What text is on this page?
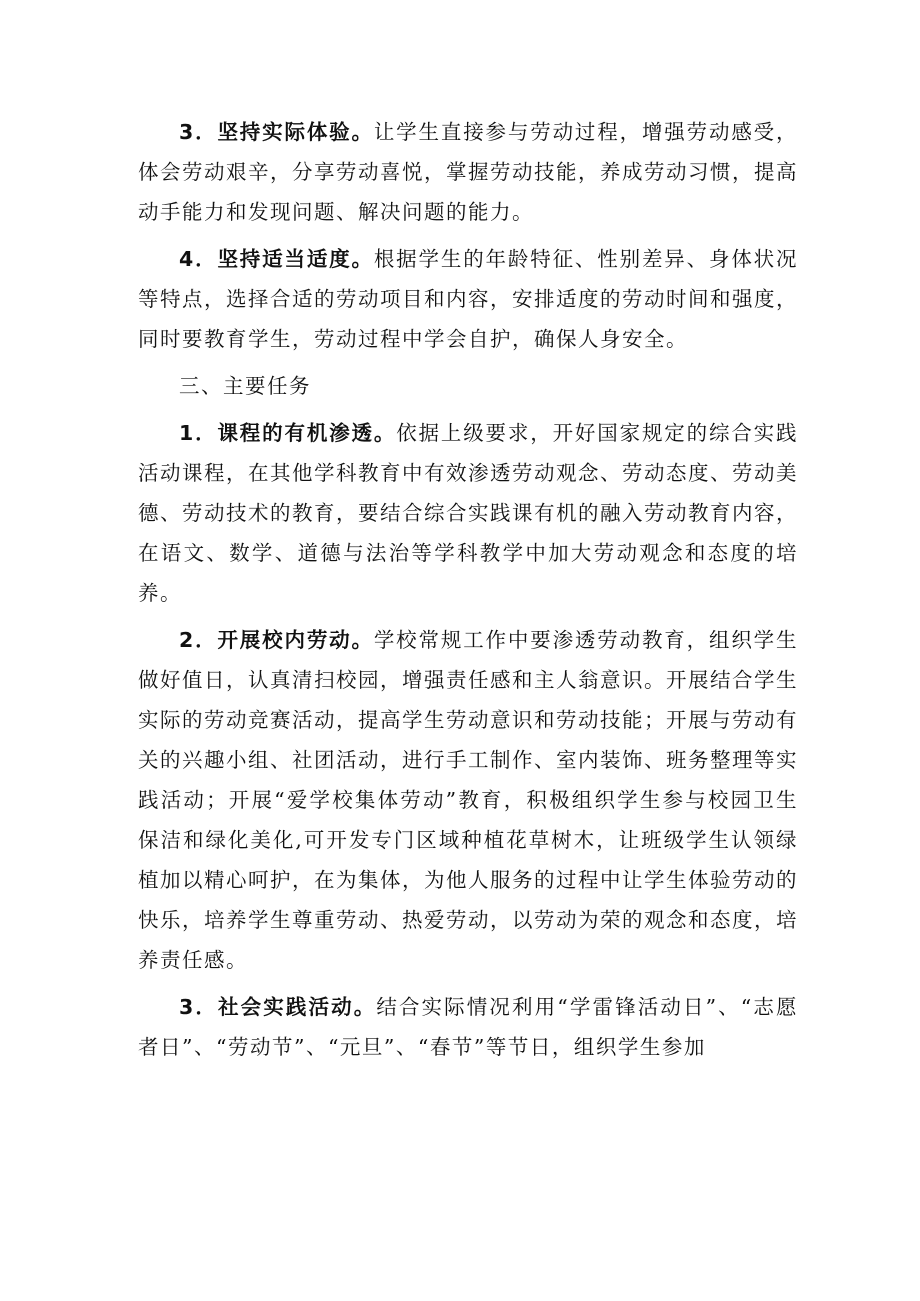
3．坚持实际体验。让学生直接参与劳动过程，增强劳动感受，体会劳动艰辛，分享劳动喜悦，掌握劳动技能，养成劳动习惯，提高动手能力和发现问题、解决问题的能力。

4．坚持适当适度。根据学生的年龄特征、性别差异、身体状况等特点，选择合适的劳动项目和内容，安排适度的劳动时间和强度，同时要教育学生，劳动过程中学会自护，确保人身安全。

三、主要任务

1．课程的有机渗透。依据上级要求，开好国家规定的综合实践活动课程，在其他学科教育中有效渗透劳动观念、劳动态度、劳动美德、劳动技术的教育，要结合综合实践课有机的融入劳动教育内容，在语文、数学、道德与法治等学科教学中加大劳动观念和态度的培养。

2．开展校内劳动。学校常规工作中要渗透劳动教育，组织学生做好值日，认真清扫校园，增强责任感和主人翁意识。开展结合学生实际的劳动竞赛活动，提高学生劳动意识和劳动技能；开展与劳动有关的兴趣小组、社团活动，进行手工制作、室内装饰、班务整理等实践活动；开展“爱学校集体劳动”教育，积极组织学生参与校园卫生保洁和绿化美化,可开发专门区域种植花草树木，让班级学生认领绿植加以精心呵护，在为集体，为他人服务的过程中让学生体验劳动的快乐，培养学生尊重劳动、热爱劳动，以劳动为荣的观念和态度，培养责任感。

3．社会实践活动。结合实际情况利用“学雷锋活动日”、“志愿者日”、“劳动节”、“元旦”、“春节”等节日，组织学生参加
